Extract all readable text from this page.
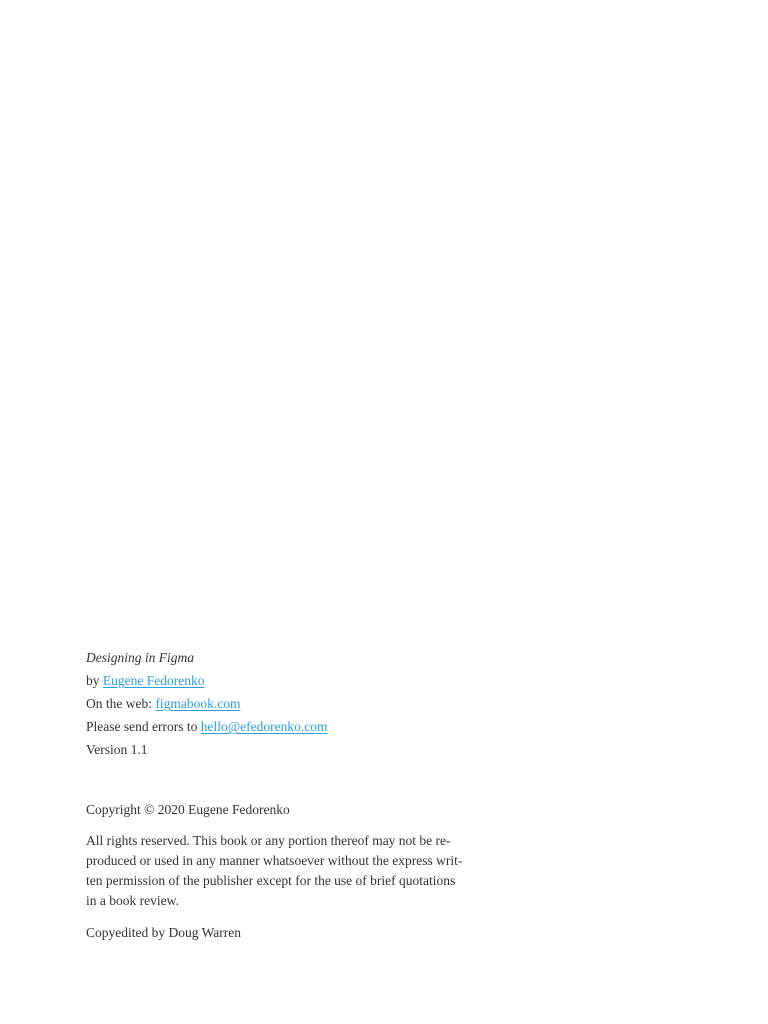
Designing in Figma
by Eugene Fedorenko
On the web: figmabook.com
Please send errors to hello@efedorenko.com
Version 1.1

Copyright © 2020 Eugene Fedorenko

All rights reserved. This book or any portion thereof may not be re-
produced or used in any manner whatsoever without the express writ-
ten permission of the publisher except for the use of brief quotations
in a book review.

Copyedited by Doug Warren
